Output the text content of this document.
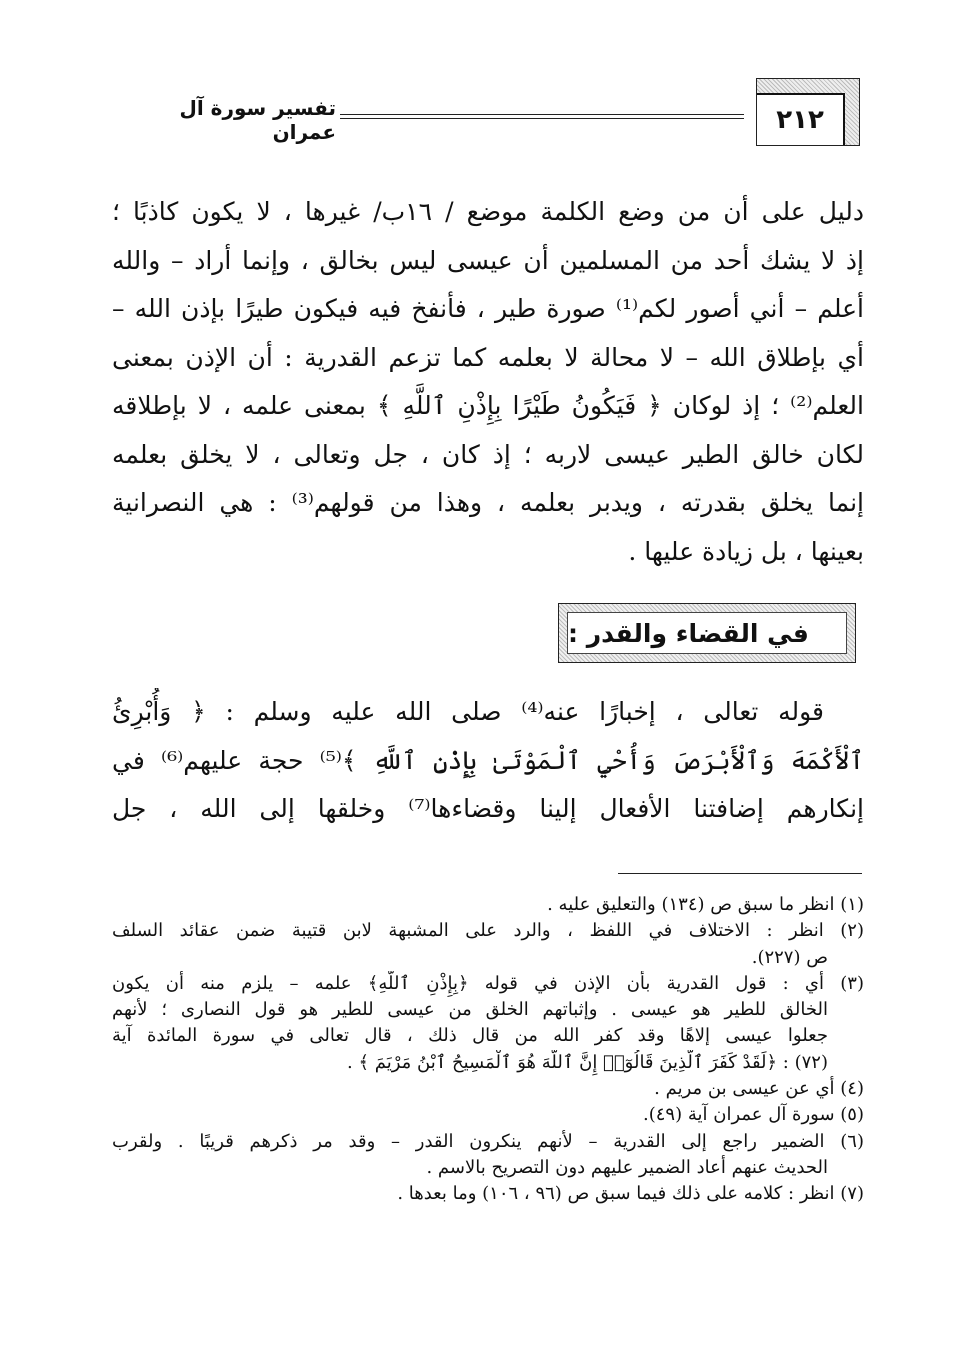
تفسير سورة آل عمران	٢١٢
دليل على أن من وضع الكلمة موضع / ١٦ب/ غيرها ، لا يكون كاذبًا ؛
إذ لا يشك أحد من المسلمين أن عيسى ليس بخالق ، وإنما أراد – والله
أعلم – أني أصور لكم⁽¹⁾ صورة طير ، فأنفخ فيه فيكون طيرًا بإذن الله –
أي بإطلاق الله – لا محالة لا بعلمه كما تزعم القدرية : أن الإذن بمعنى
العلم⁽²⁾ ؛ إذ لوكان ﴿ فَيَكُونُ طَيْرًا بِإِذْنِ ٱللَّهِ ﴾ بمعنى علمه ، لا بإطلاقه
لكان خالق الطير عيسى لاربه ؛ إذ كان ، جل وتعالى ، لا يخلق بعلمه
إنما يخلق بقدرته ، ويدبر بعلمه ، وهذا من قولهم⁽³⁾ : هي النصرانية
بعينها ، بل زيادة عليها .
في القضاء والقدر :
قوله تعالى ، إخبارًا عنه⁽⁴⁾ صلى الله عليه وسلم : ﴿ وَأُبْرِئُ
ٱلْأَكْمَهَ وَٱلْأَبْرَصَ وَأُحْيِ ٱلْمَوْتَىٰ بِإِذْنِ ٱللَّهِ ﴾⁽⁵⁾ حجة عليهم⁽⁶⁾ في
إنكارهم إضافتنا الأفعال إلينا وقضاءها⁽⁷⁾ وخلقها إلى الله ، جل
(١) انظر ما سبق ص (١٣٤) والتعليق عليه .
(٢) انظر : الاختلاف في اللفظ ، والرد على المشبهة لابن قتيبة ضمن عقائد السلف
ص (٢٢٧).
(٣) أي : قول القدرية بأن الإذن في قوله ﴿بِإِذْنِ ٱللَّهِ﴾ علمه – يلزم منه أن يكون
الخالق للطير هو عيسى . وإثباتهم الخلق من عيسى للطير هو قول النصارى ؛ لأنهم
جعلوا عيسى إلاهًا وقد كفر الله من قال ذلك ، قال تعالى في سورة المائدة آية
(٧٢) : ﴿لَقَدْ كَفَرَ ٱلَّذِينَ قَالُوٓا۟ إِنَّ ٱللَّهَ هُوَ ٱلْمَسِيحُ ٱبْنُ مَرْيَمَ ﴾ .
(٤) أي عن عيسى بن مريم .
(٥) سورة آل عمران آية (٤٩).
(٦) الضمير راجع إلى القدرية – لأنهم ينكرون القدر – وقد مر ذكرهم قريبًا . ولقرب
الحديث عنهم أعاد الضمير عليهم دون التصريح بالاسم .
(٧) انظر : كلامه على ذلك فيما سبق ص (٩٦ ، ١٠٦) وما بعدها .
